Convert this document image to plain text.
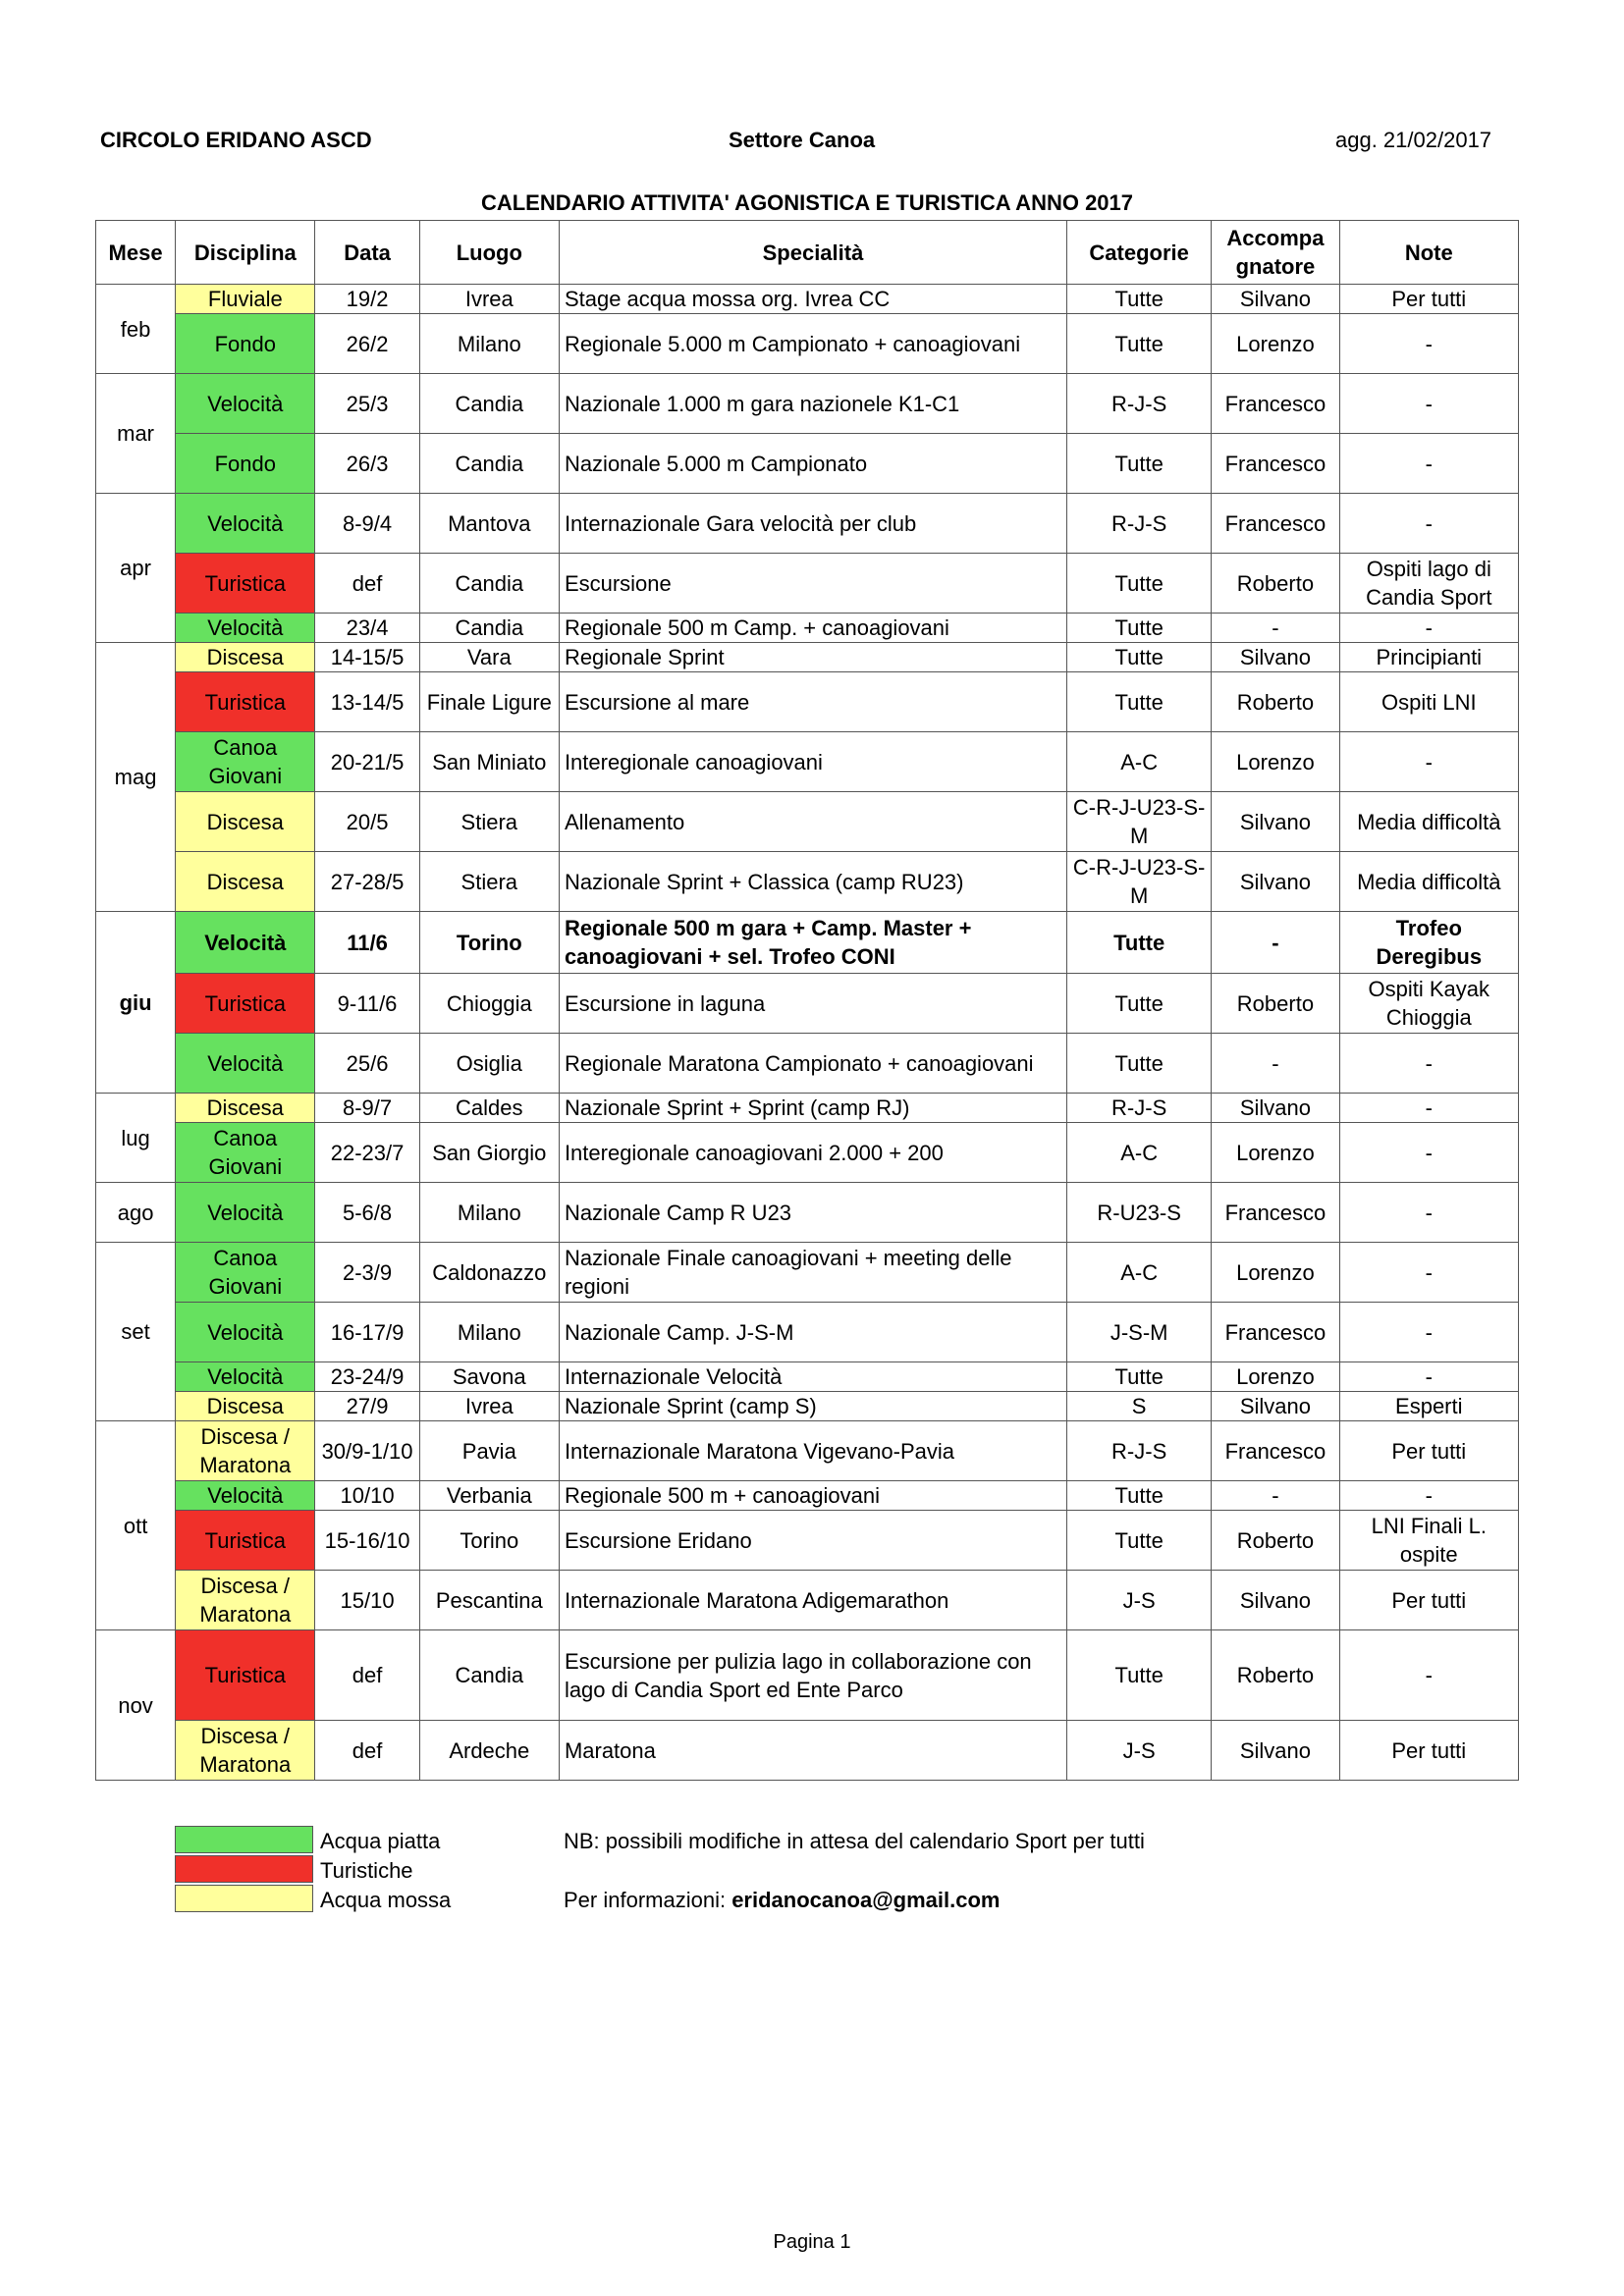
CIRCOLO ERIDANO ASCD	Settore Canoa	agg. 21/02/2017
CALENDARIO ATTIVITA' AGONISTICA E TURISTICA ANNO 2017
Mese	Disciplina	Data	Luogo	Specialità	Categorie	Accompa gnatore	Note
feb	Fluviale	19/2	Ivrea	Stage acqua mossa org. Ivrea CC	Tutte	Silvano	Per tutti
	Fondo	26/2	Milano	Regionale 5.000 m Campionato + canoagiovani	Tutte	Lorenzo	-
mar	Velocità	25/3	Candia	Nazionale 1.000 m gara nazionele K1-C1	R-J-S	Francesco	-
	Fondo	26/3	Candia	Nazionale 5.000 m Campionato	Tutte	Francesco	-
apr	Velocità	8-9/4	Mantova	Internazionale Gara velocità per club	R-J-S	Francesco	-
	Turistica	def	Candia	Escursione	Tutte	Roberto	Ospiti lago di Candia Sport
	Velocità	23/4	Candia	Regionale 500 m Camp. + canoagiovani	Tutte	-	-
mag	Discesa	14-15/5	Vara	Regionale Sprint	Tutte	Silvano	Principianti
	Turistica	13-14/5	Finale Ligure	Escursione al mare	Tutte	Roberto	Ospiti LNI
	Canoa Giovani	20-21/5	San Miniato	Interegionale canoagiovani	A-C	Lorenzo	-
	Discesa	20/5	Stiera	Allenamento	C-R-J-U23-S-M	Silvano	Media difficoltà
	Discesa	27-28/5	Stiera	Nazionale Sprint + Classica (camp RU23)	C-R-J-U23-S-M	Silvano	Media difficoltà
giu	Velocità	11/6	Torino	Regionale 500 m gara + Camp. Master + canoagiovani + sel. Trofeo CONI	Tutte	-	Trofeo Deregibus
	Turistica	9-11/6	Chioggia	Escursione in laguna	Tutte	Roberto	Ospiti Kayak Chioggia
	Velocità	25/6	Osiglia	Regionale Maratona Campionato + canoagiovani	Tutte	-	-
lug	Discesa	8-9/7	Caldes	Nazionale Sprint + Sprint (camp RJ)	R-J-S	Silvano	-
	Canoa Giovani	22-23/7	San Giorgio	Interegionale canoagiovani 2.000 + 200	A-C	Lorenzo	-
ago	Velocità	5-6/8	Milano	Nazionale Camp R U23	R-U23-S	Francesco	-
set	Canoa Giovani	2-3/9	Caldonazzo	Nazionale Finale canoagiovani + meeting delle regioni	A-C	Lorenzo	-
	Velocità	16-17/9	Milano	Nazionale Camp. J-S-M	J-S-M	Francesco	-
	Velocità	23-24/9	Savona	Internazionale Velocità	Tutte	Lorenzo	-
	Discesa	27/9	Ivrea	Nazionale Sprint (camp S)	S	Silvano	Esperti
ott	Discesa / Maratona	30/9-1/10	Pavia	Internazionale Maratona Vigevano-Pavia	R-J-S	Francesco	Per tutti
	Velocità	10/10	Verbania	Regionale 500 m + canoagiovani	Tutte	-	-
	Turistica	15-16/10	Torino	Escursione Eridano	Tutte	Roberto	LNI Finali L. ospite
	Discesa / Maratona	15/10	Pescantina	Internazionale Maratona Adigemarathon	J-S	Silvano	Per tutti
nov	Turistica	def	Candia	Escursione per pulizia lago in collaborazione con lago di Candia Sport ed Ente Parco	Tutte	Roberto	-
	Discesa / Maratona	def	Ardeche	Maratona	J-S	Silvano	Per tutti
Acqua piatta
Turistiche
Acqua mossa
NB: possibili modifiche in attesa del calendario Sport per tutti
Per informazioni: eridanocanoa@gmail.com
Pagina 1
